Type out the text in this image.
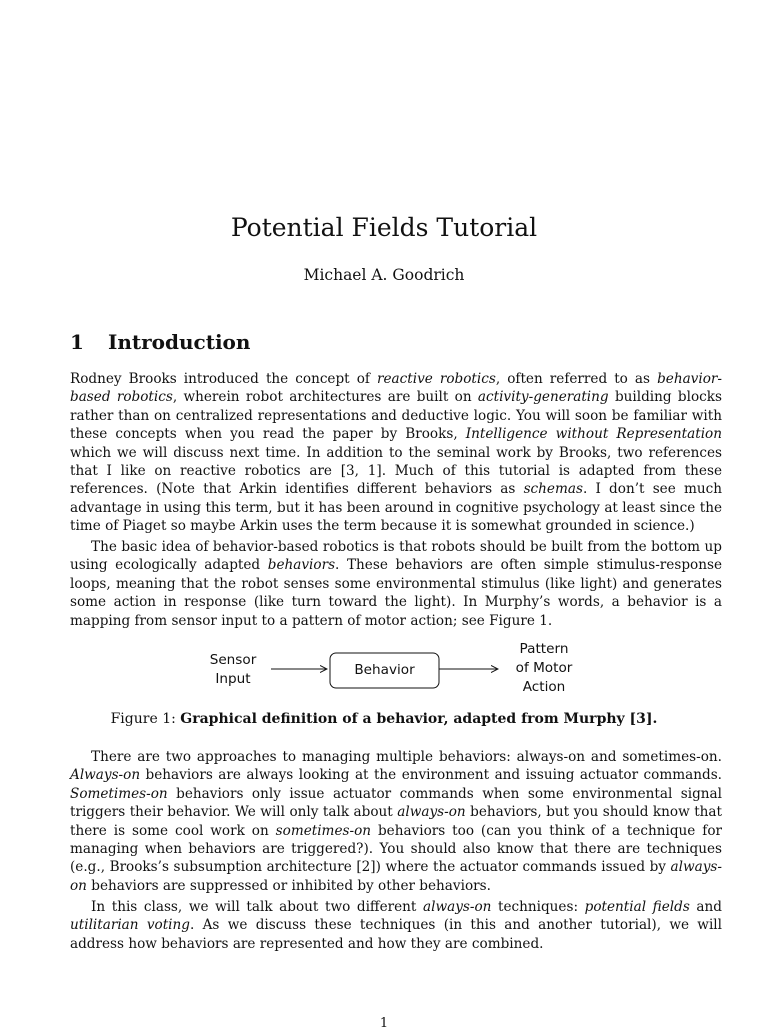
Potential Fields Tutorial
Michael A. Goodrich
1 Introduction

Rodney Brooks introduced the concept of reactive robotics, often referred to as behavior-based robotics, wherein robot architectures are built on activity-generating building blocks rather than on centralized representations and deductive logic. You will soon be familiar with these concepts when you read the paper by Brooks, Intelligence without Representation which we will discuss next time. In addition to the seminal work by Brooks, two references that I like on reactive robotics are [3, 1]. Much of this tutorial is adapted from these references. (Note that Arkin identifies different behaviors as schemas. I don’t see much advantage in using this term, but it has been around in cognitive psychology at least since the time of Piaget so maybe Arkin uses the term because it is somewhat grounded in science.)

The basic idea of behavior-based robotics is that robots should be built from the bottom up using ecologically adapted behaviors. These behaviors are often simple stimulus-response loops, meaning that the robot senses some environmental stimulus (like light) and generates some action in response (like turn toward the light). In Murphy’s words, a behavior is a mapping from sensor input to a pattern of motor action; see Figure 1.

Sensor
Input
Behavior
Pattern
of Motor
Action
Figure 1: Graphical definition of a behavior, adapted from Murphy [3].

There are two approaches to managing multiple behaviors: always-on and sometimes-on. Always-on behaviors are always looking at the environment and issuing actuator commands. Sometimes-on behaviors only issue actuator commands when some environmental signal triggers their behavior. We will only talk about always-on behaviors, but you should know that there is some cool work on sometimes-on behaviors too (can you think of a technique for managing when behaviors are triggered?). You should also know that there are techniques (e.g., Brooks’s subsumption architecture [2]) where the actuator commands issued by always-on behaviors are suppressed or inhibited by other behaviors.

In this class, we will talk about two different always-on techniques: potential fields and utilitarian voting. As we discuss these techniques (in this and another tutorial), we will address how behaviors are represented and how they are combined.

1
